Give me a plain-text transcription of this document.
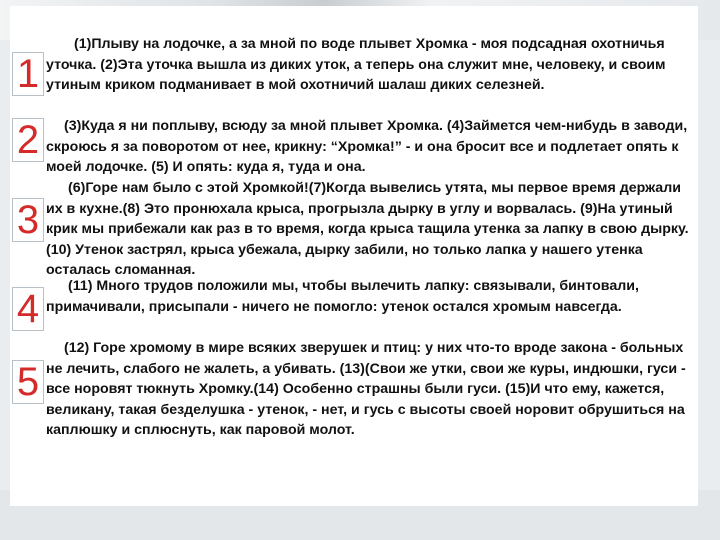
1
2
3
4
5
(1)Плыву на лодочке, а за мной по воде плывет Хромка - моя подсадная охотничья уточка. (2)Эта уточка вышла из диких уток, а теперь она служит мне, человеку, и своим утиным криком подманивает в мой охотничий шалаш диких селезней.
(3)Куда я ни поплыву, всюду за мной плывет Хромка. (4)Займется чем-нибудь в заводи, скроюсь я за поворотом от нее, крикну: “Хромка!” - и она бросит все и подлетает опять к моей лодочке. (5) И опять: куда я, туда и она.
(6)Горе нам было с этой Хромкой!(7)Когда вывелись утята, мы первое время держали их в кухне.(8) Это пронюхала крыса, прогрызла дырку в углу и ворвалась. (9)На утиный крик мы прибежали как раз в то время, когда крыса тащила утенка за лапку в свою дырку. (10) Утенок застрял, крыса убежала, дырку забили, но только лапка у нашего утенка осталась сломанная.
(11) Много трудов положили мы, чтобы вылечить лапку: связывали, бинтовали, примачивали, присыпали - ничего не помогло: утенок остался хромым навсегда.
(12) Горе хромому в мире всяких зверушек и птиц: у них что-то вроде закона - больных не лечить, слабого не жалеть, а убивать. (13)(Свои же утки, свои же куры, индюшки, гуси - все норовят тюкнуть Хромку.(14) Особенно страшны были гуси. (15)И что ему, кажется, великану, такая безделушка - утенок, - нет, и гусь с высоты своей норовит обрушиться на каплюшку и сплюснуть, как паровой молот.
